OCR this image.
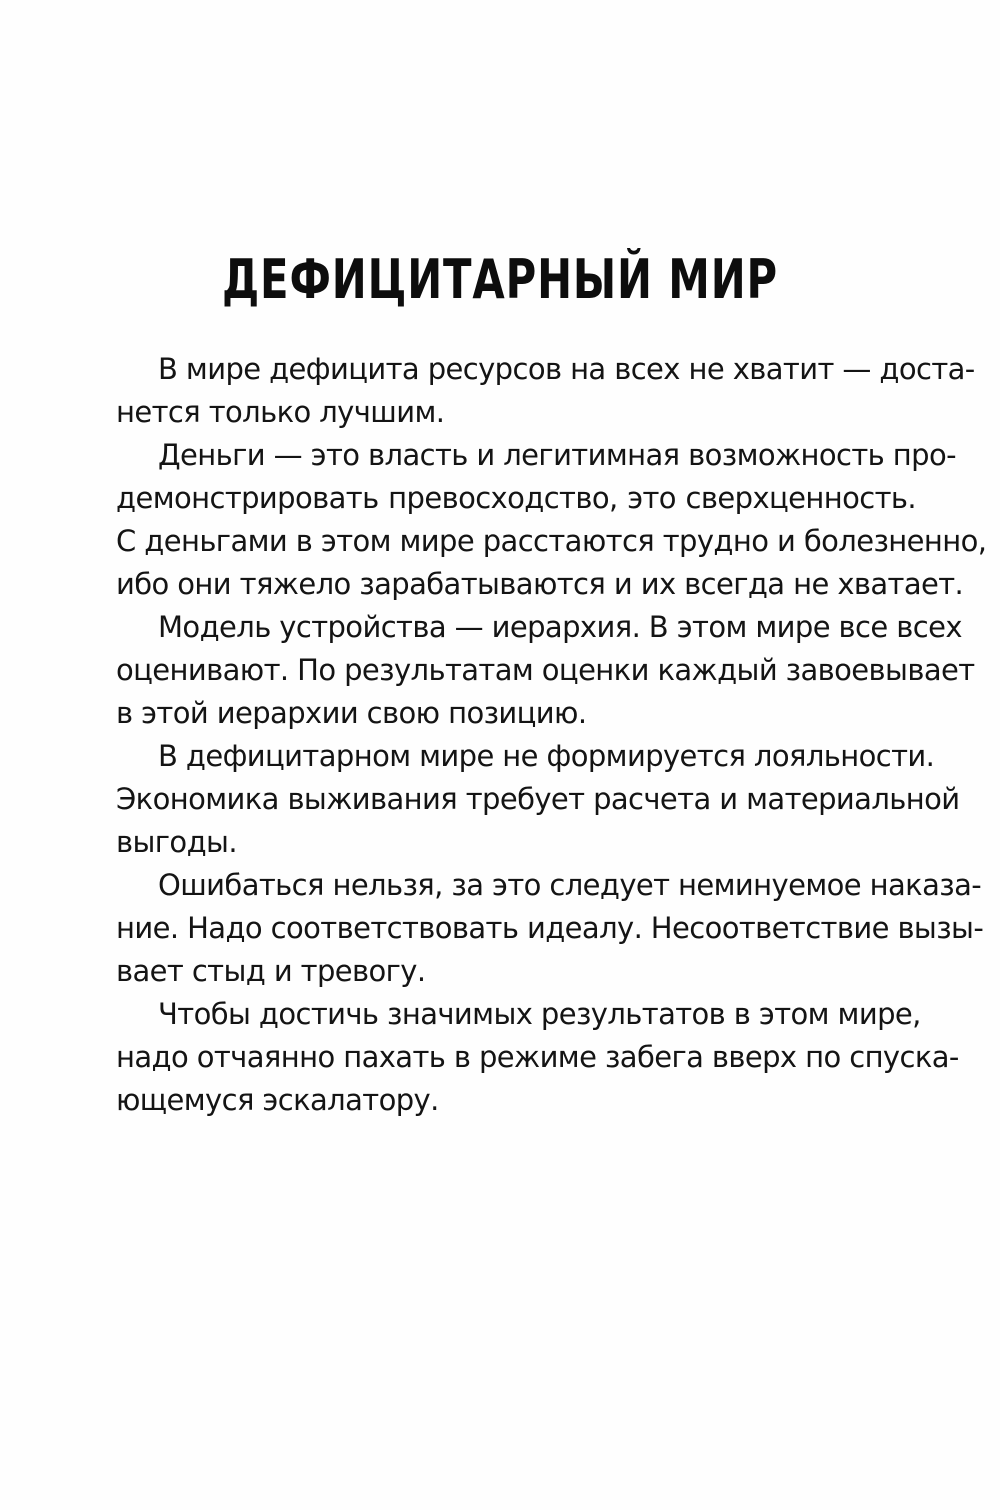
ДЕФИЦИТАРНЫЙ МИР
В мире дефицита ресурсов на всех не хватит — доста-
нется только лучшим.
Деньги — это власть и легитимная возможность про-
демонстрировать превосходство, это сверхценность.
С деньгами в этом мире расстаются трудно и болезненно,
ибо они тяжело зарабатываются и их всегда не хватает.
Модель устройства — иерархия. В этом мире все всех
оценивают. По результатам оценки каждый завоевывает
в этой иерархии свою позицию.
В дефицитарном мире не формируется лояльности.
Экономика выживания требует расчета и материальной
выгоды.
Ошибаться нельзя, за это следует неминуемое наказа-
ние. Надо соответствовать идеалу. Несоответствие вызы-
вает стыд и тревогу.
Чтобы достичь значимых результатов в этом мире,
надо отчаянно пахать в режиме забега вверх по спуска-
ющемуся эскалатору.
